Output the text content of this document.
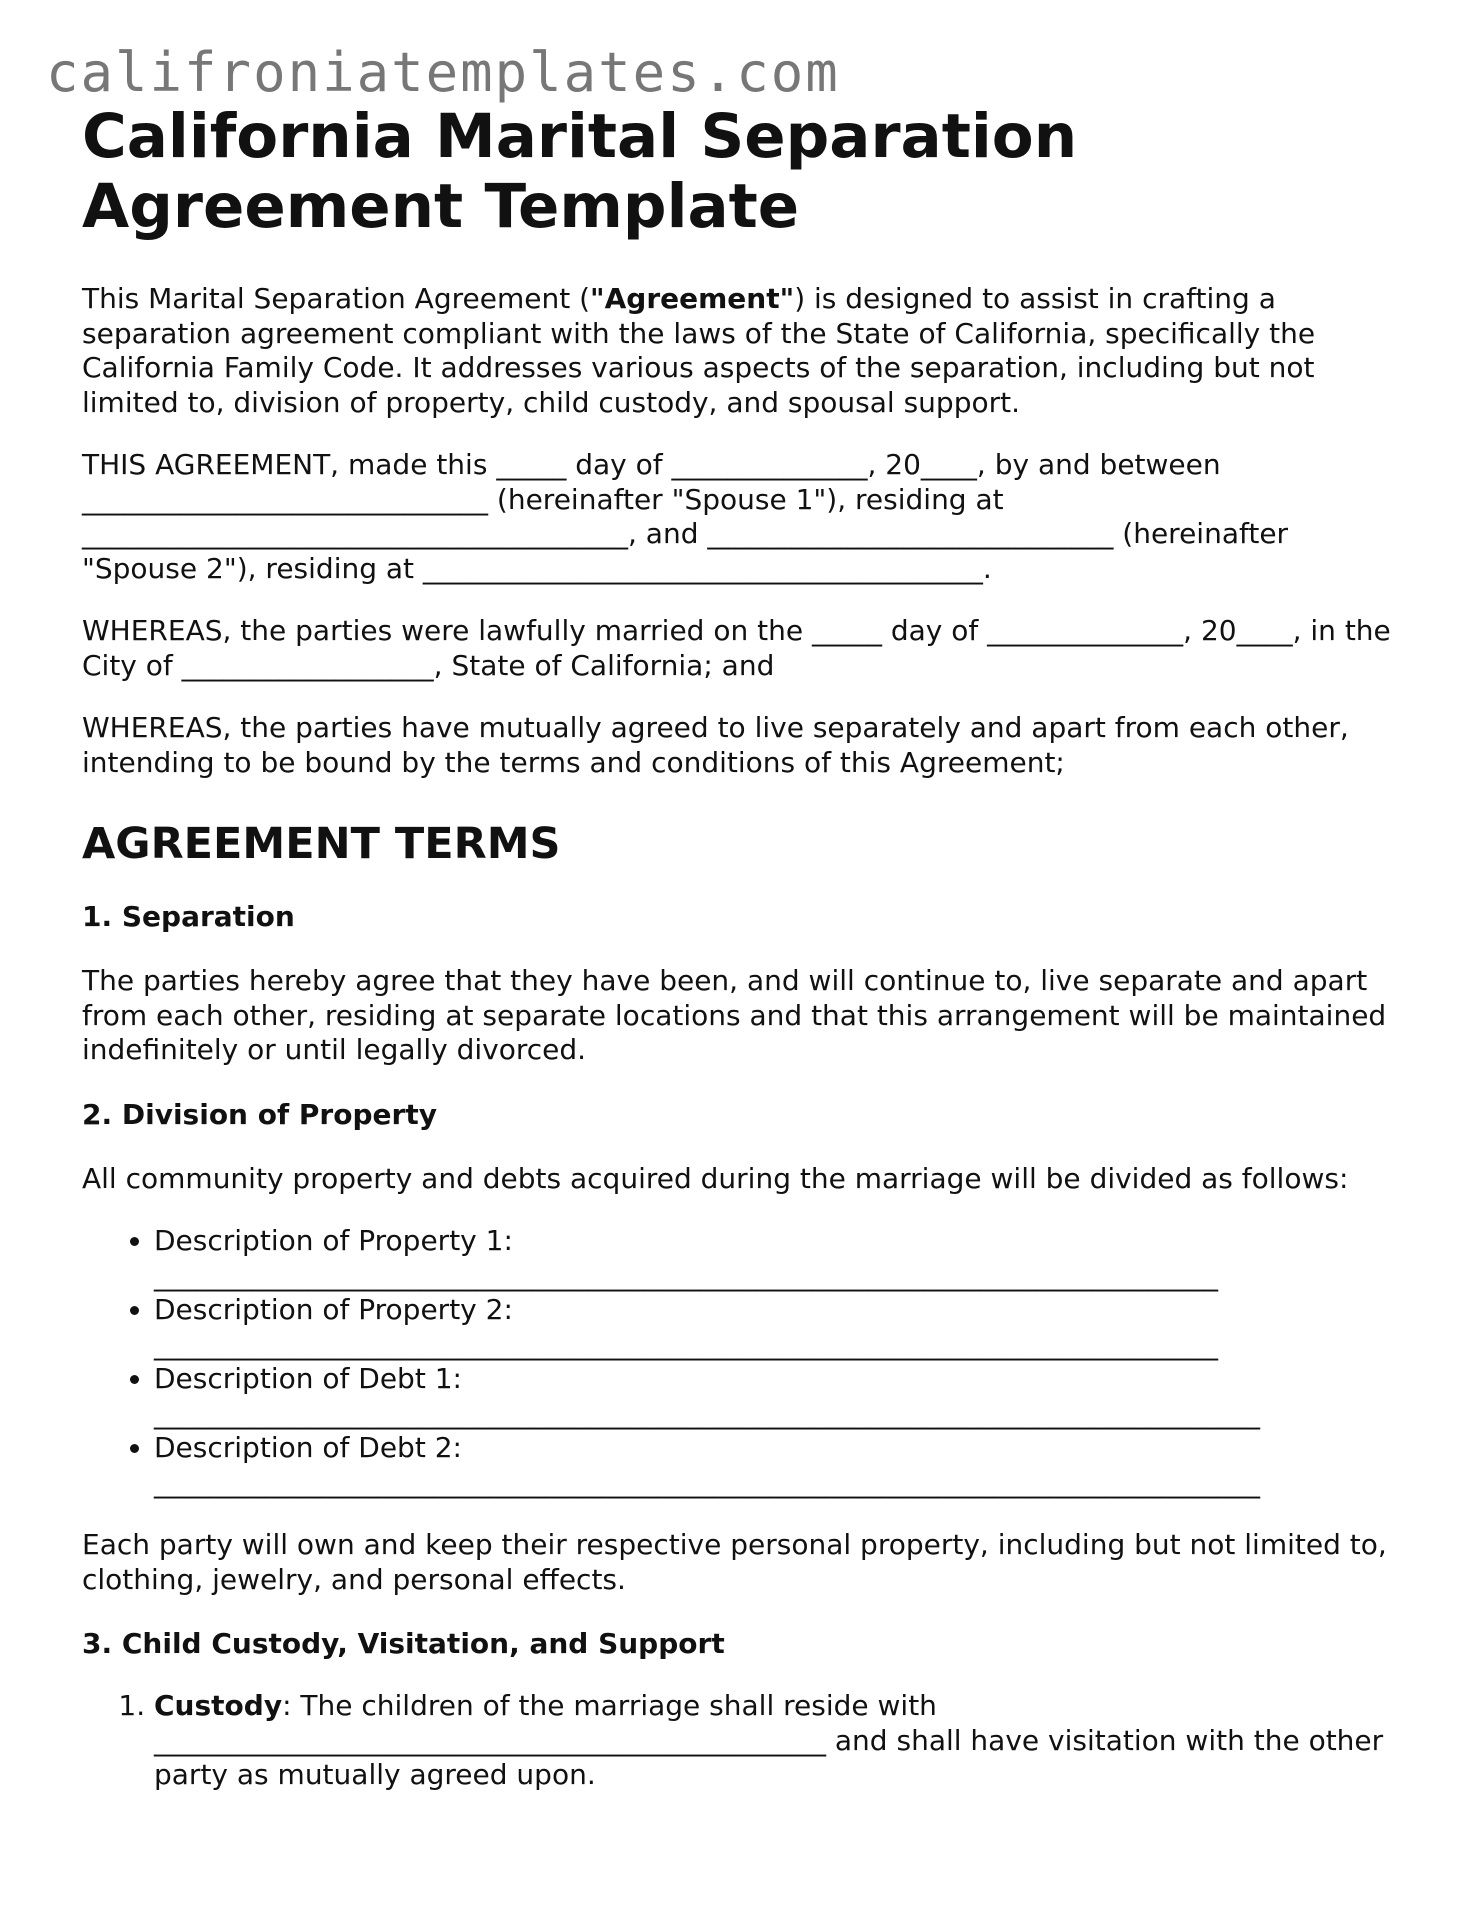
califroniatemplates.com
California Marital Separation Agreement Template

This Marital Separation Agreement ("Agreement") is designed to assist in crafting a separation agreement compliant with the laws of the State of California, specifically the California Family Code. It addresses various aspects of the separation, including but not limited to, division of property, child custody, and spousal support.

THIS AGREEMENT, made this _____ day of ______________, 20____, by and between _____________________________ (hereinafter "Spouse 1"), residing at _______________________________________, and _____________________________ (hereinafter "Spouse 2"), residing at ________________________________________.

WHEREAS, the parties were lawfully married on the _____ day of ______________, 20____, in the City of __________________, State of California; and

WHEREAS, the parties have mutually agreed to live separately and apart from each other, intending to be bound by the terms and conditions of this Agreement;

AGREEMENT TERMS
1. Separation

The parties hereby agree that they have been, and will continue to, live separate and apart from each other, residing at separate locations and that this arrangement will be maintained indefinitely or until legally divorced.

2. Division of Property

All community property and debts acquired during the marriage will be divided as follows:

• Description of Property 1:
____________________________________________________________________________
• Description of Property 2:
____________________________________________________________________________
• Description of Debt 1:
_______________________________________________________________________________
• Description of Debt 2:
_______________________________________________________________________________

Each party will own and keep their respective personal property, including but not limited to, clothing, jewelry, and personal effects.

3. Child Custody, Visitation, and Support
1. Custody: The children of the marriage shall reside with ________________________________________________ and shall have visitation with the other party as mutually agreed upon.
